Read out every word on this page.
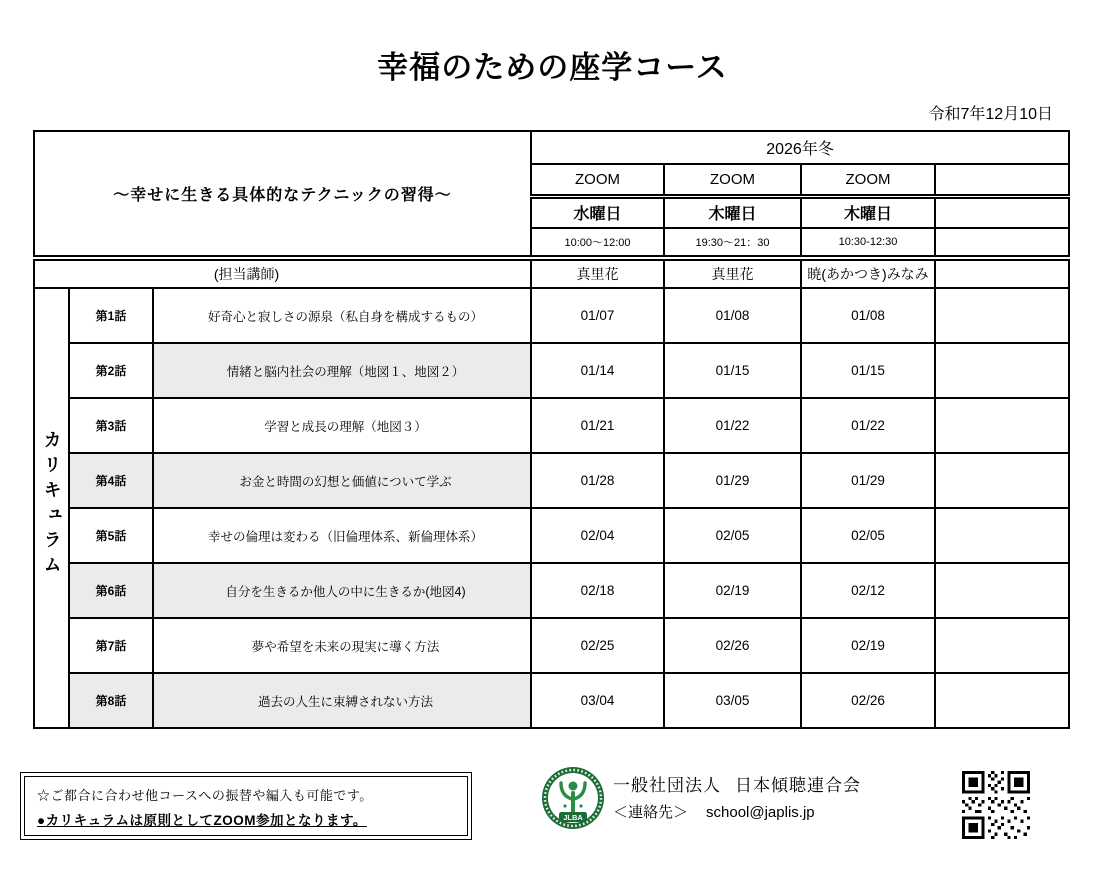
幸福のための座学コース
令和7年12月10日
～幸せに生きる具体的なテクニックの習得～			2026年冬			
			ZOOM	ZOOM	ZOOM	
			水曜日	木曜日	木曜日	
			10:00～12:00	19:30～21：30	10:30-12:30	
(担当講師)			真里花	真里花	暁(あかつき)みなみ	
カリキュラム	第1話	好奇心と寂しさの源泉（私自身を構成するもの）	01/07	01/08	01/08	
	第2話	情緒と脳内社会の理解（地図１、地図２）	01/14	01/15	01/15	
	第3話	学習と成長の理解（地図３）	01/21	01/22	01/22	
	第4話	お金と時間の幻想と価値について学ぶ	01/28	01/29	01/29	
	第5話	幸せの倫理は変わる（旧倫理体系、新倫理体系）	02/04	02/05	02/05	
	第6話	自分を生きるか他人の中に生きるか(地図4)	02/18	02/19	02/12	
	第7話	夢や希望を未来の現実に導く方法	02/25	02/26	02/19	
	第8話	過去の人生に束縛されない方法	03/04	03/05	02/26	
☆ご都合に合わせ他コースへの振替や編入も可能です。
●カリキュラムは原則としてZOOM参加となります。	JLBA
一般社団法人 日本傾聴連合会
＜連絡先＞ school@japlis.jp
